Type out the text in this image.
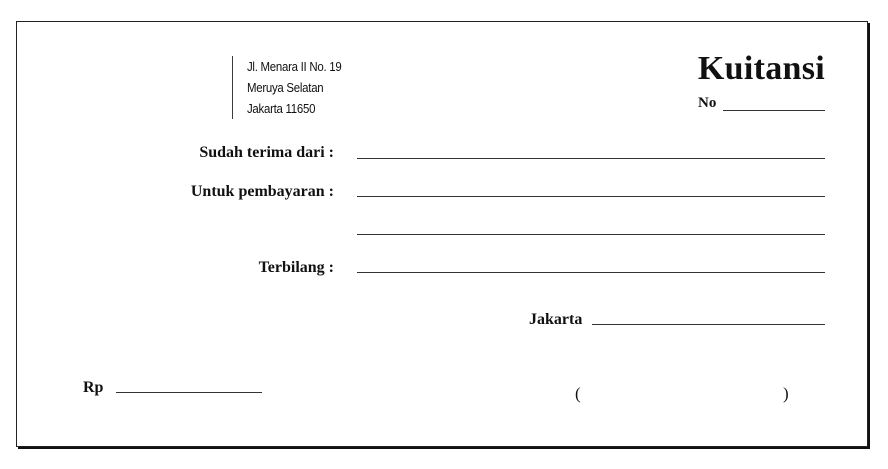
Jl. Menara II No. 19
Meruya Selatan
Jakarta 11650
Kuitansi
No
Sudah terima dari :
Untuk pembayaran :
Terbilang :
Jakarta
Rp	(	)
